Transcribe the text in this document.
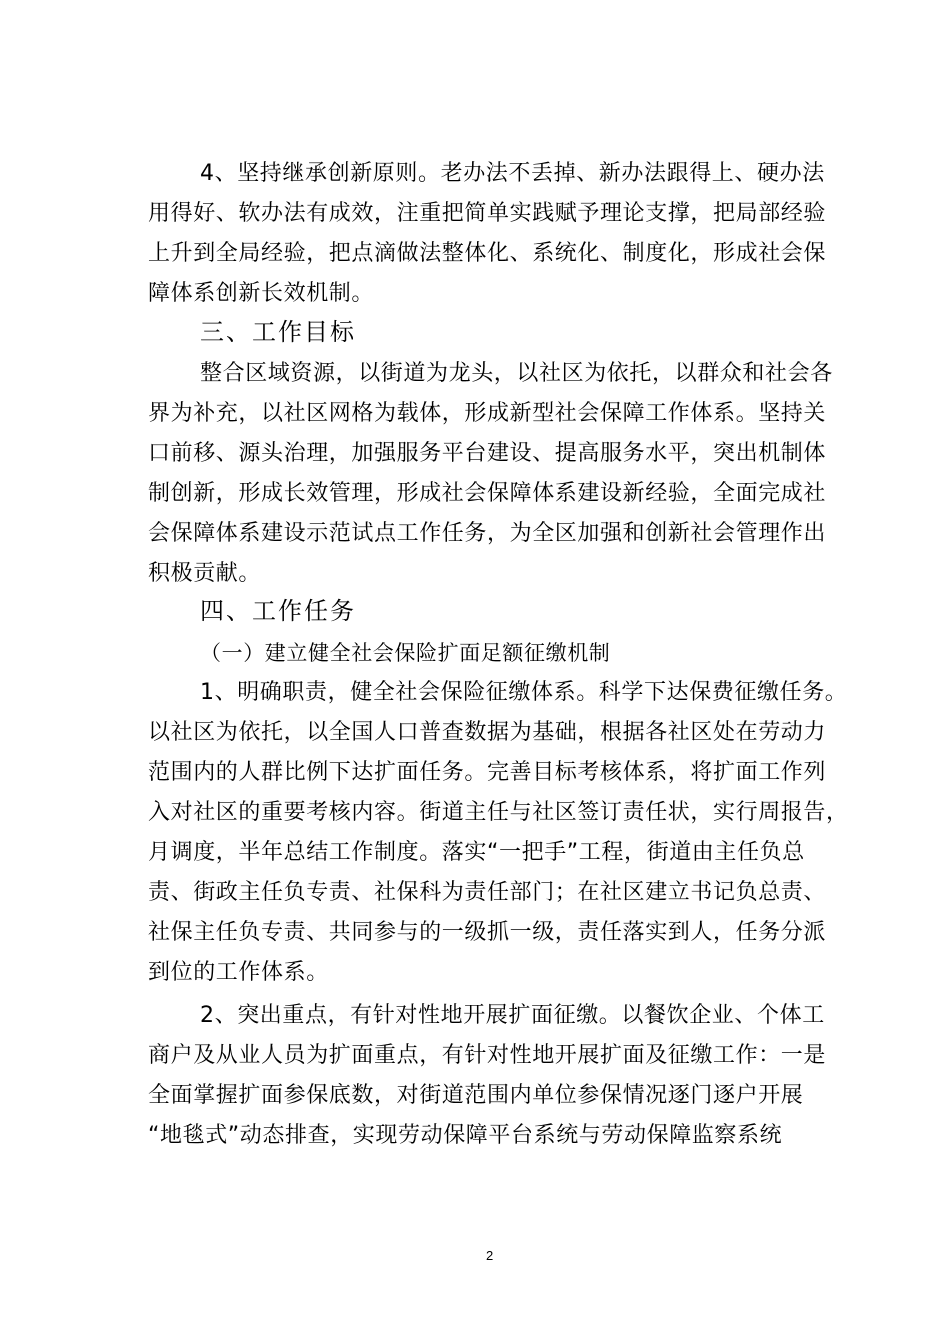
4、坚持继承创新原则。老办法不丢掉、新办法跟得上、硬办法
用得好、软办法有成效，注重把简单实践赋予理论支撑，把局部经验
上升到全局经验，把点滴做法整体化、系统化、制度化，形成社会保
障体系创新长效机制。
三、工作目标
整合区域资源，以街道为龙头，以社区为依托，以群众和社会各
界为补充，以社区网格为载体，形成新型社会保障工作体系。坚持关
口前移、源头治理，加强服务平台建设、提高服务水平，突出机制体
制创新，形成长效管理，形成社会保障体系建设新经验，全面完成社
会保障体系建设示范试点工作任务，为全区加强和创新社会管理作出
积极贡献。
四、工作任务
（一）建立健全社会保险扩面足额征缴机制
1、明确职责，健全社会保险征缴体系。科学下达保费征缴任务。
以社区为依托，以全国人口普查数据为基础，根据各社区处在劳动力
范围内的人群比例下达扩面任务。完善目标考核体系，将扩面工作列
入对社区的重要考核内容。街道主任与社区签订责任状，实行周报告，
月调度，半年总结工作制度。落实“一把手”工程，街道由主任负总
责、街政主任负专责、社保科为责任部门；在社区建立书记负总责、
社保主任负专责、共同参与的一级抓一级，责任落实到人，任务分派
到位的工作体系。
2、突出重点，有针对性地开展扩面征缴。以餐饮企业、个体工
商户及从业人员为扩面重点，有针对性地开展扩面及征缴工作：一是
全面掌握扩面参保底数，对街道范围内单位参保情况逐门逐户开展
“地毯式”动态排查，实现劳动保障平台系统与劳动保障监察系统
2
